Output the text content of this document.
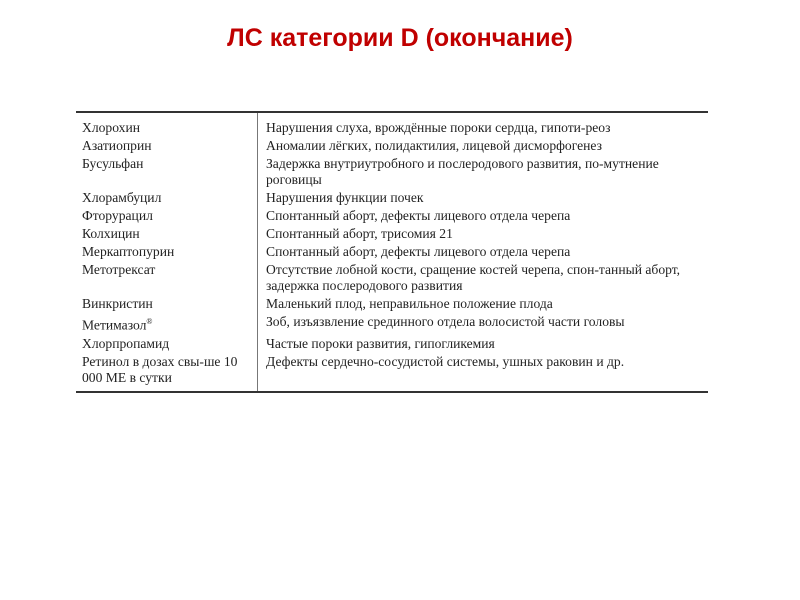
ЛС категории D (окончание)
Хлорохин	Нарушения слуха, врождённые пороки сердца, гипоти-реоз
Азатиоприн	Аномалии лёгких, полидактилия, лицевой дисморфогенез
Бусульфан	Задержка внутриутробного и послеродового развития, по-мутнение роговицы
Хлорамбуцил	Нарушения функции почек
Фторурацил	Спонтанный аборт, дефекты лицевого отдела черепа
Колхицин	Спонтанный аборт, трисомия 21
Меркаптопурин	Спонтанный аборт, дефекты лицевого отдела черепа
Метотрексат	Отсутствие лобной кости, сращение костей черепа, спон-танный аборт, задержка послеродового развития
Винкристин	Маленький плод, неправильное положение плода
Метимазол®	Зоб, изъязвление срединного отдела волосистой части головы
Хлорпропамид	Частые пороки развития, гипогликемия
Ретинол в дозах свы-ше 10 000 МЕ в сутки	Дефекты сердечно-сосудистой системы, ушных раковин и др.
